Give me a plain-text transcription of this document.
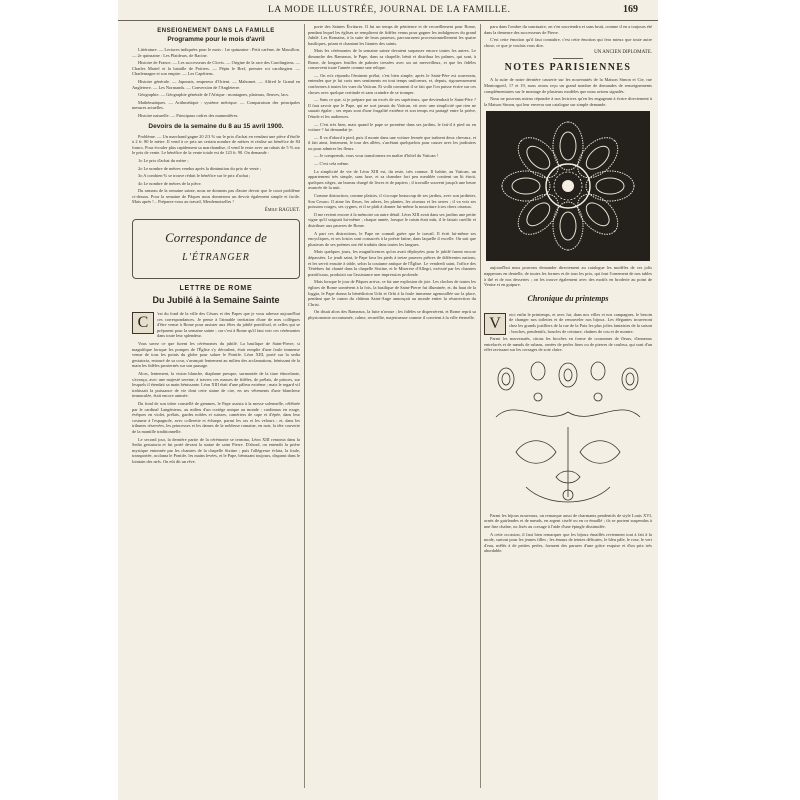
LA MODE ILLUSTRÉE, JOURNAL DE LA FAMILLE.	169
ENSEIGNEMENT DANS LA FAMILLE
Programme pour le mois d'avril

Littérature. — Lectures indiquées pour le mois : 1re quinzaine : Petit carême, de Massillon. — 2e quinzaine : Les Plaideurs, de Racine.

Histoire de France. — Les successeurs de Clovis. — Origine de la race des Carolingiens. — Charles Martel et la bataille de Poitiers. — Pépin le Bref, premier roi carolingien. — Charlemagne et son empire. — Les Capétiens.

Histoire générale. — Japonais, empereur d'Orient. — Mahomet. — Alfred le Grand en Angleterre. — Les Normands. — Conversion de l'Angleterre.

Géographie. — Géographie générale de l'Afrique : montagnes, plateaux, fleuves, lacs.

Mathématiques. — Arithmétique : système métrique. — Comparaison des principales mesures actuelles.

Histoire naturelle. — Principaux ordres des mammifères.

Devoirs de la semaine du 8 au 15 avril 1900.

Problème. — Un marchand gagne 20 2/3 % sur le prix d'achat en vendant une pièce d'étoffe à 2 fr. 80 le mètre. Il vend à ce prix un certain nombre de mètres et réalise un bénéfice de 84 francs. Pour écouler plus rapidement sa marchandise, il vend le reste avec un rabais de 5 % sur le prix de vente. Le bénéfice de la vente totale est de 123 fr. 90. On demande :

1o Le prix d'achat du mètre ;

2o Le nombre de mètres vendus après la diminution du prix de vente ;

3o A combien % se trouve réduit le bénéfice sur le prix d'achat ;

4o Le nombre de mètres de la pièce.

Du rameau de la semaine sainte, nous ne donnons pas d'autre devoir que le court problème ci-dessus. Pour la semaine de Pâques nous donnerons un devoir également simple et facile. Mais après !... Préparez-vous au travail, Mesdemoiselles !

Émile RAGUET.
Correspondance de
L'ÉTRANGER
LETTRE DE ROME
Du Jubilé à la Semaine Sainte
C

'est du fond de la ville des Césars et des Papes que je vous adresse aujourd'hui ces correspondances. Je pense à l'aimable invitation d'une de mes collègues d'être venue à Rome pour assister aux fêtes du jubilé pontifical, et celles qui se préparent pour la semaine sainte ; car c'est à Rome qu'il faut voir ces cérémonies dans toute leur splendeur.

Vous savez ce que furent les cérémonies du jubilé. La basilique de Saint-Pierre, si magnifique lorsque les pompes de l'Église s'y déroulent, était remplie d'une foule immense venue de tous les points du globe pour saluer le Pontife. Léon XIII, porté sur la sedia gestatoria, entouré de sa cour, s'avançait lentement au milieu des acclamations, bénissant de la main les fidèles prosternés sur son passage.

Alors, lentement, la vision blanche, diaphane presque, surmontée de la tiare étincelante, s'avança, avec une majesté sereine, à travers ces masses de fidèles, de prélats, de princes, sur lesquels il étendait sa main bénissante. Léon XIII était d'une pâleur extrême ; mais le regard vif trahissait la puissance de vie dont cette statue de cire, en ses vêtements d'une blancheur immaculée, était encore animée.

Du fond de son trône constellé de gemmes, le Pape assista à la messe solennelle, célébrée par le cardinal Langénieux, au milieu d'un cortège unique au monde : cardinaux en rouge, évêques en violet, prélats, gardes nobles et suisses, camériers de cape et d'épée, dans leur costume à l'espagnole, avec collerette et écharpe, parmi les ors et les velours ; et, dans les tribunes réservées, les princesses et les dames de la noblesse romaine, en noir, la tête couverte de la mantille traditionnelle.

Le second jour, la dernière partie de la cérémonie se termina, Léon XIII remonta dans la Sedia gestatoria et fut porté devant la statue de saint Pierre. D'abord, on entendit la prière mystique entonnée par les chantres de la chapelle Sixtine ; puis l'allégresse éclata, la foule, transportée, acclama le Pontife, les mains levées, et le Pape, bénissant toujours, disparut dans le lointain des nefs. On eût dit un rêve.

porte des Saintes Écritures. Il fut un temps de pénitence et de recueillement pour Rome, pendant lequel les églises se remplirent de fidèles venus pour gagner les indulgences du grand Jubilé. Les Romains, à la suite de leurs pasteurs, parcoururent processionnellement les quatre basiliques, priant et chantant les litanies des saints.

Mais les cérémonies de la semaine sainte devaient surpasser encore toutes les autres. Le dimanche des Rameaux, le Pape, dans sa chapelle, bénit et distribua les palmes, qui sont, à Rome, de longues feuilles de palmier tressées avec un art merveilleux, et que les fidèles conservent toute l'année comme une relique.

— On m'a répondu l'éminent prélat, c'est bien simple, après le Saint-Père est souverain, entendez que je lui crois mes sentiments en tout temps uniformes, et, depuis, rigoureusement conformes à toutes les vues du Vatican. Et voilà comment il se fait que l'on puisse écrire sur ces choses avec quelque certitude et sans craindre de se tromper.

— Sans ce que, si je prépare par un excès de ses supérieurs, que deviendrait le Saint-Père ? Il faut savoir que le Pape, qui ne sort jamais du Vatican, vit avec une simplicité que rien ne saurait égaler ; ses repas sont d'une frugalité extrême et son temps est partagé entre la prière, l'étude et les audiences.

— C'est très bien, mais quand le pape se promène dans ses jardins, le fait-il à pied ou en voiture ? lui demandai-je.

— Il va d'abord à pied, puis il monte dans une voiture fermée que traînent deux chevaux, et il fait ainsi, lentement, le tour des allées, s'arrêtant quelquefois pour causer avec les jardiniers ou pour admirer les fleurs.

— Je comprends, vous vous transformez en maître d'hôtel du Vatican !

— C'est cela même.

La simplicité de vie de Léon XIII est, du reste, très connue. Il habite, au Vatican, un appartement très simple, sans luxe, et sa chambre fort peu meublée contient un lit étroit, quelques sièges, un bureau chargé de livres et de papiers ; il travaille souvent jusqu'à une heure avancée de la nuit.

Comme distraction, comme plaisirs, il s'occupe beaucoup de ses jardins, avec son jardinier, Son Cesaro. Il aime les fleurs, les arbres, les plantes, les oiseaux et les serres ; il va voir ses poissons rouges, ses cygnes, et il se plaît à donner lui-même la nourriture à ses chers oiseaux.

Il me revient encore à la mémoire un autre détail. Léon XIII avait dans ses jardins une petite vigne qu'il soignait lui-même ; chaque année, lorsque le raisin était mûr, il le faisait cueillir et distribuer aux pauvres de Rome.

A part ces distractions, le Pape ne connaît guère que le travail. Il écrit lui-même ses encycliques, et ses loisirs sont consacrés à la poésie latine, dans laquelle il excelle. On sait que plusieurs de ses poèmes ont été traduits dans toutes les langues.

Mais quelques jours, les magnificences qu'on avait déployées pour le jubilé furent encore dépassées. Le jeudi saint, le Pape lava les pieds à treize pauvres prêtres de différentes nations, et les servit ensuite à table, selon la coutume antique de l'Église. Le vendredi saint, l'office des Ténèbres fut chanté dans la chapelle Sixtine, et le Miserere d'Allegri, exécuté par les chantres pontificaux, produisit sur l'assistance une impression profonde.

Mais lorsque le jour de Pâques arriva, ce fut une explosion de joie. Les cloches de toutes les églises de Rome sonnèrent à la fois, la basilique de Saint-Pierre fut illuminée, et, du haut de la loggia, le Pape donna la bénédiction Urbi et Orbi à la foule immense agenouillée sur la place, pendant que le canon du château Saint-Ange annonçait au monde entier la résurrection du Christ.

On disait alors des Rameaux, la fuite n'avoue ; les fidèles se dispersèrent, et Rome reprit sa physionomie accoutumée, calme, recueillie, majestueuse comme il convient à la ville éternelle.

paru dans l'ombre du sanctuaire, on s'en souviendra et sans bruit, comme il en a toujours été dans la demeure des successeurs de Pierre.

C'est cette émotion qu'il faut connaître, c'est cette émotion qui fera mieux que toute autre chose, ce que je voulais vous dire.

UN ANCIEN DIPLOMATE.
NOTES PARISIENNES

A la suite de notre dernière causerie sur les nouveautés de la Maison Simon et Cie, rue Montorgueil, 17 et 19, nous avons reçu un grand nombre de demandes de renseignements complémentaires sur le montage de plusieurs modèles que nous avions signalés.

Nous ne pouvons mieux répondre à nos lectrices qu'en les engageant à écrire directement à la Maison Simon, qui leur enverra son catalogue sur simple demande.

aujourd'hui nous pouvons demander directement au catalogue les modèles de ces jolis napperons en dentelle, de toutes les formes et de tous les prix, qui font l'ornement de nos tables à thé et de nos dessertes ; on les trouve également avec des motifs en broderie au point de Venise et en guipure.

Chronique du printemps
V

oici enfin le printemps, et avec lui, dans nos villes et nos campagnes, le besoin de changer nos toilettes et de renouveler nos bijoux. Les élégantes trouveront chez les grands joailliers de la rue de la Paix les plus jolies fantaisies de la saison : broches, pendentifs, boucles de ceinture, chaînes de cou et de montre.

Parmi les nouveautés, citons les broches en forme de couronnes de fleurs, d'anneaux entrelacés et de nœuds de rubans, ornées de perles fines ou de pierres de couleur, qui sont d'un effet ravissant sur les corsages de soie claire.

Parmi les bijoux nouveaux, on remarque aussi de charmants pendentifs de style Louis XVI, ornés de guirlandes et de nœuds, en argent ciselé ou en or émaillé ; ils se portent suspendus à une fine chaîne, ou fixés au corsage à l'aide d'une épingle dissimulée.

A cette occasion, il faut bien remarquer que les bijoux émaillés reviennent tout à fait à la mode, surtout pour les jeunes filles ; les émaux de teintes délicates, le bleu pâle, le rose, le vert d'eau, mêlés à de petites perles, forment des parures d'une grâce exquise et d'un prix très abordable.
